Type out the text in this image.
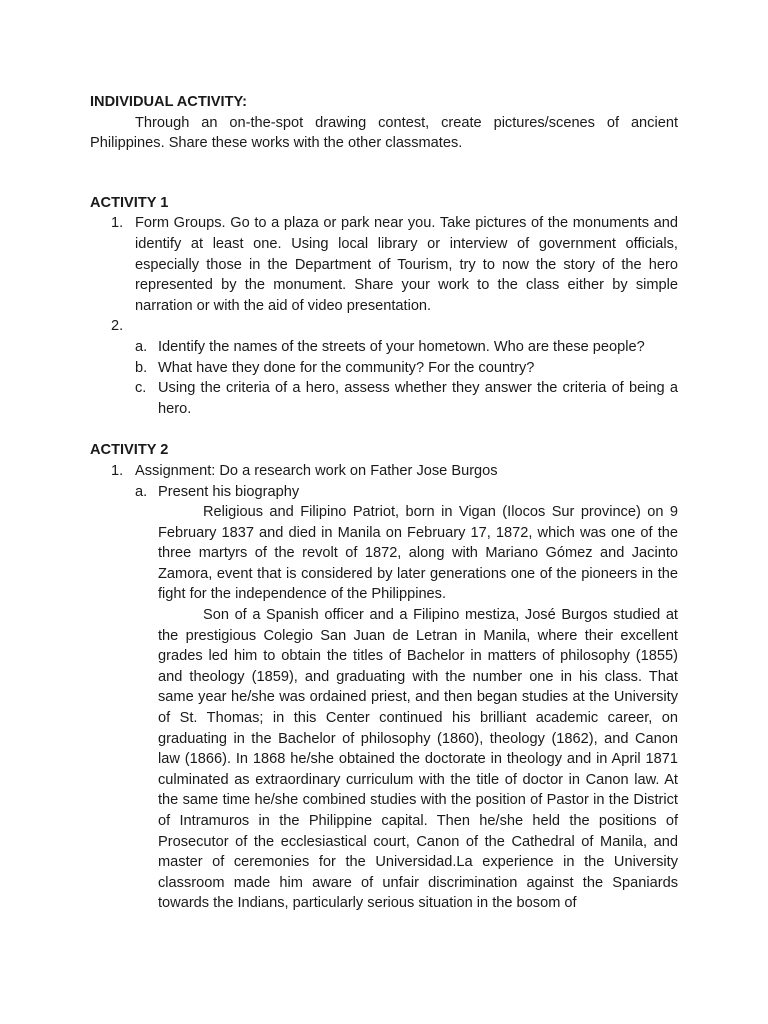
INDIVIDUAL ACTIVITY:

Through an on-the-spot drawing contest, create pictures/scenes of ancient Philippines. Share these works with the other classmates.

ACTIVITY 1

1. Form Groups. Go to a plaza or park near you. Take pictures of the monuments and identify at least one. Using local library or interview of government officials, especially those in the Department of Tourism, try to now the story of the hero represented by the monument. Share your work to the class either by simple narration or with the aid of video presentation.
2.

a. Identify the names of the streets of your hometown. Who are these people?
b. What have they done for the community? For the country?
c. Using the criteria of a hero, assess whether they answer the criteria of being a hero.

ACTIVITY 2

1. Assignment: Do a research work on Father Jose Burgos
a. Present his biography

Religious and Filipino Patriot, born in Vigan (Ilocos Sur province) on 9 February 1837 and died in Manila on February 17, 1872, which was one of the three martyrs of the revolt of 1872, along with Mariano Gómez and Jacinto Zamora, event that is considered by later generations one of the pioneers in the fight for the independence of the Philippines.

Son of a Spanish officer and a Filipino mestiza, José Burgos studied at the prestigious Colegio San Juan de Letran in Manila, where their excellent grades led him to obtain the titles of Bachelor in matters of philosophy (1855) and theology (1859), and graduating with the number one in his class. That same year he/she was ordained priest, and then began studies at the University of St. Thomas; in this Center continued his brilliant academic career, on graduating in the Bachelor of philosophy (1860), theology (1862), and Canon law (1866). In 1868 he/she obtained the doctorate in theology and in April 1871 culminated as extraordinary curriculum with the title of doctor in Canon law. At the same time he/she combined studies with the position of Pastor in the District of Intramuros in the Philippine capital. Then he/she held the positions of Prosecutor of the ecclesiastical court, Canon of the Cathedral of Manila, and master of ceremonies for the Universidad.La experience in the University classroom made him aware of unfair discrimination against the Spaniards towards the Indians, particularly serious situation in the bosom of
